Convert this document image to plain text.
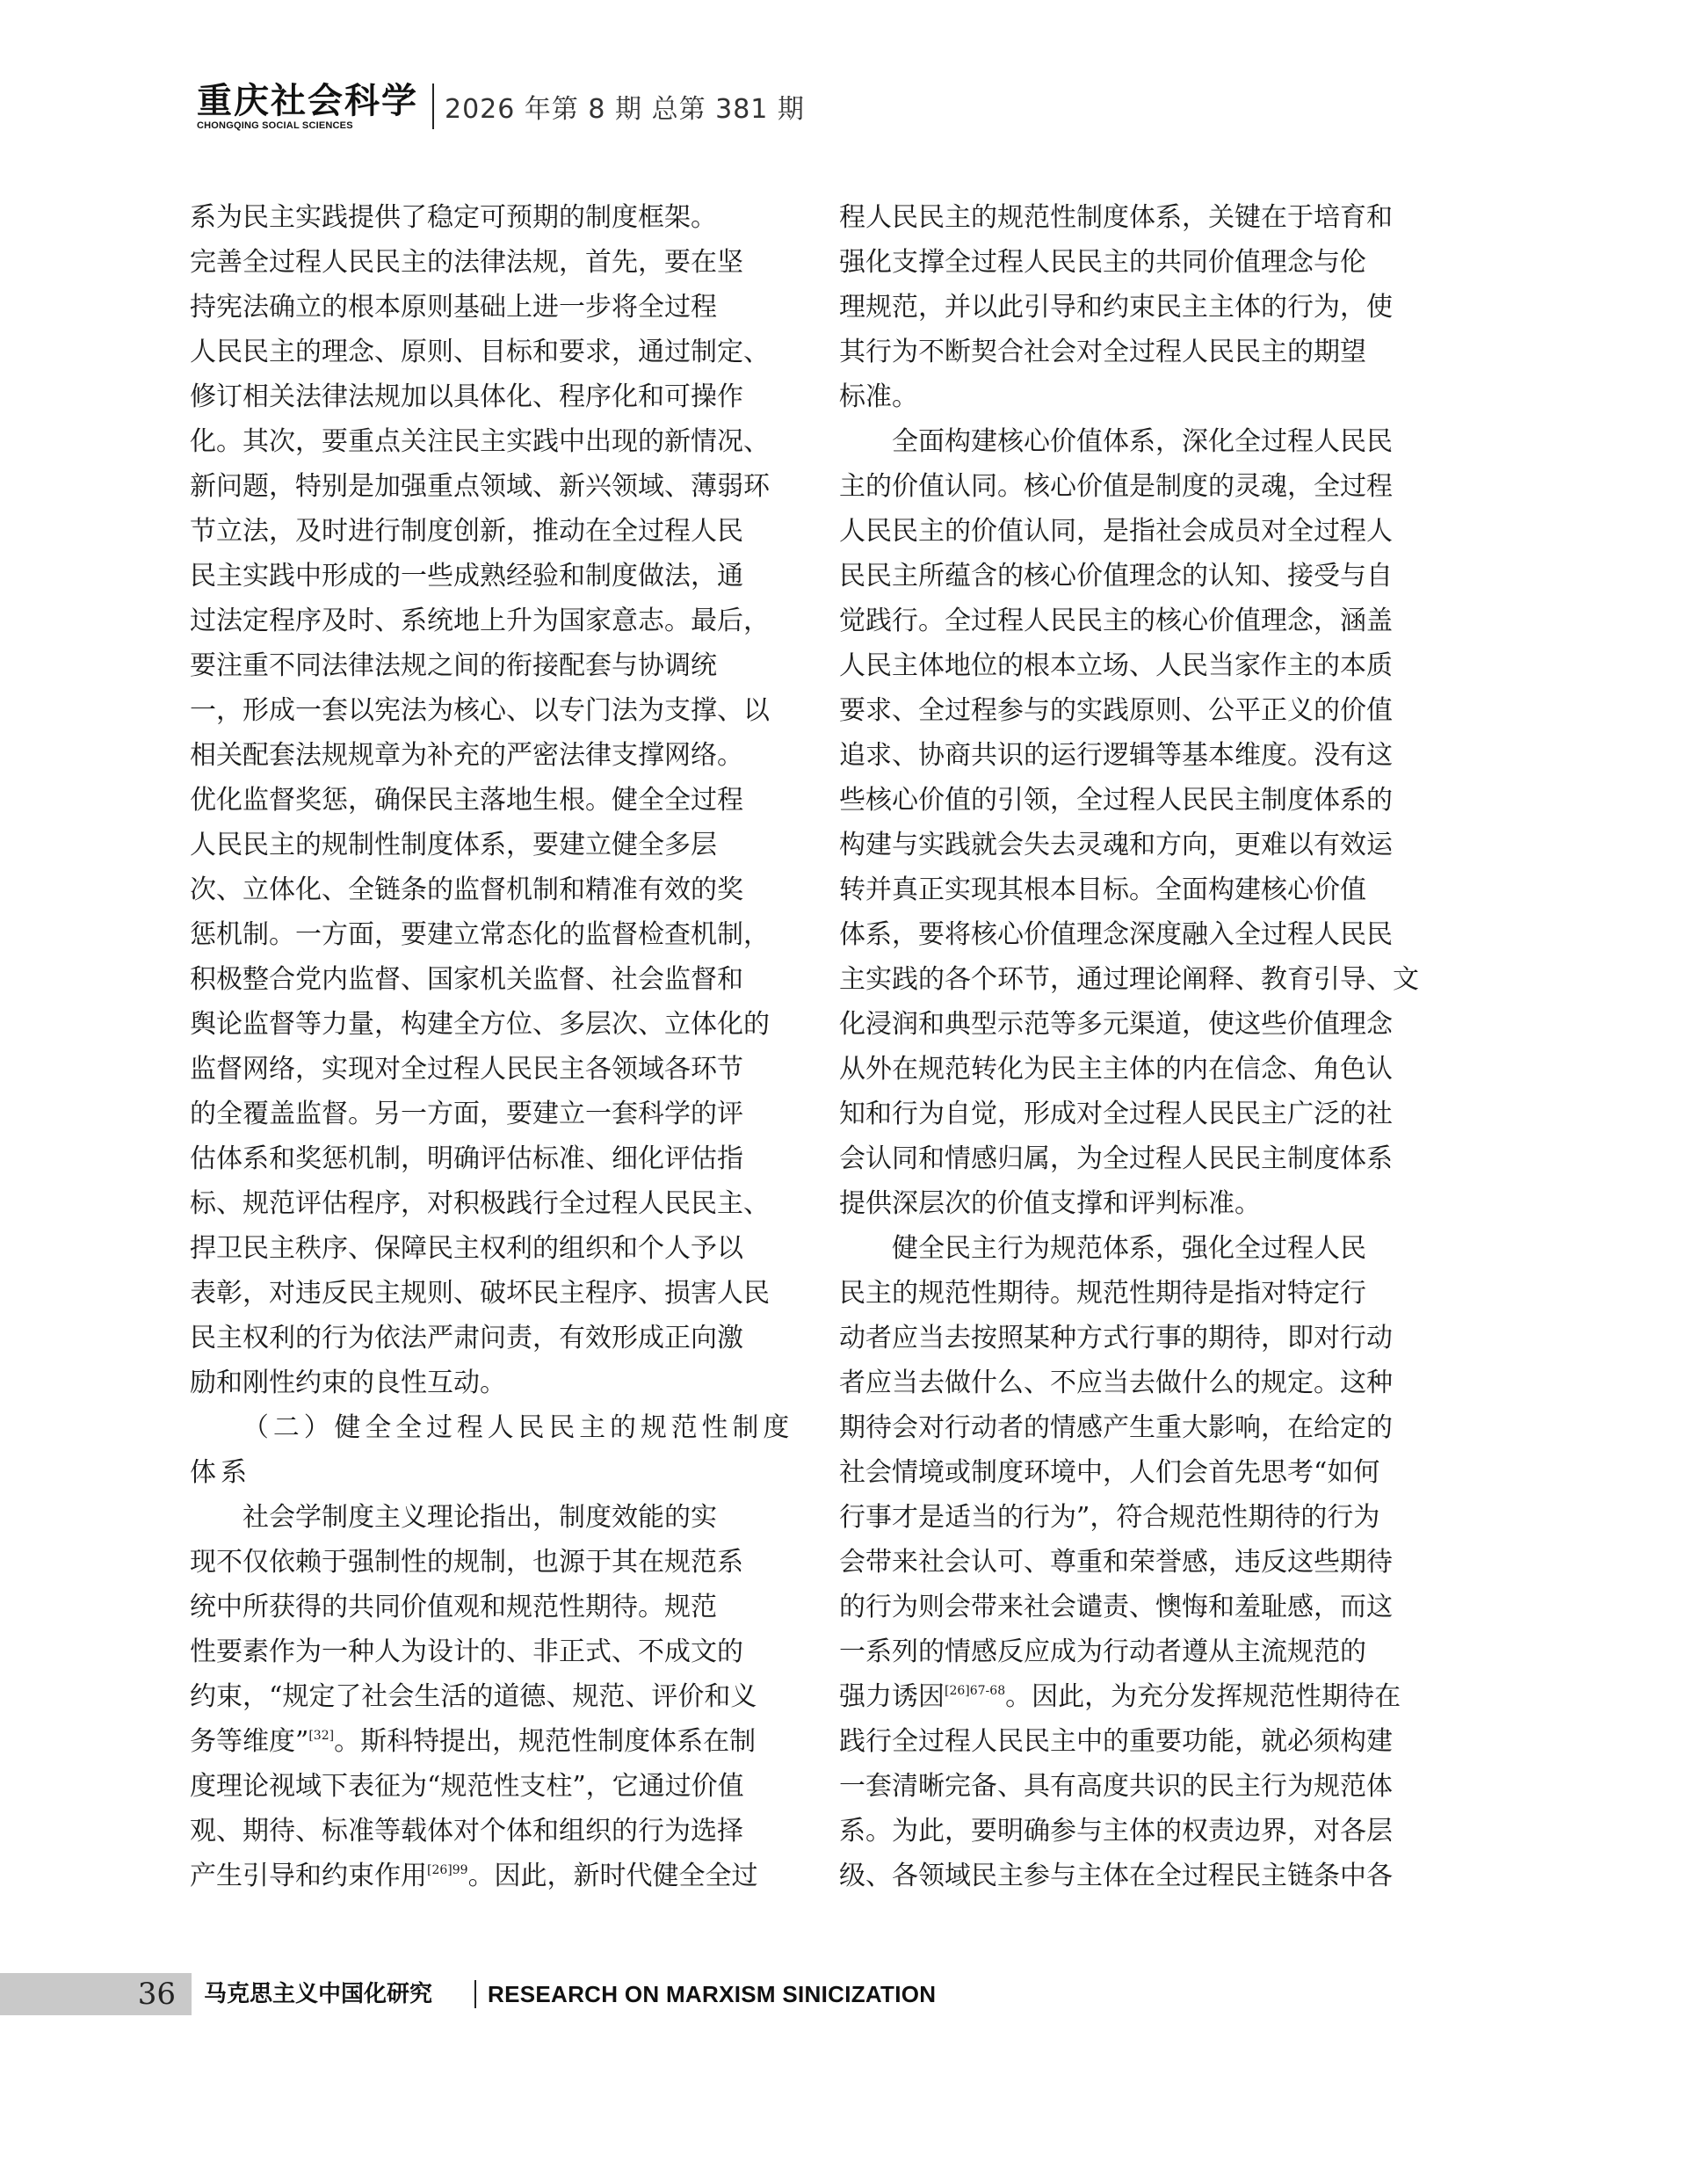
重庆社会科学
CHONGQING SOCIAL SCIENCES
2026 年第 8 期 总第 381 期
系为民主实践提供了稳定可预期的制度框架。
完善全过程人民民主的法律法规，首先，要在坚
持宪法确立的根本原则基础上进一步将全过程
人民民主的理念、原则、目标和要求，通过制定、
修订相关法律法规加以具体化、程序化和可操作
化。其次，要重点关注民主实践中出现的新情况、
新问题，特别是加强重点领域、新兴领域、薄弱环
节立法，及时进行制度创新，推动在全过程人民
民主实践中形成的一些成熟经验和制度做法，通
过法定程序及时、系统地上升为国家意志。最后，
要注重不同法律法规之间的衔接配套与协调统
一，形成一套以宪法为核心、以专门法为支撑、以
相关配套法规规章为补充的严密法律支撑网络。
优化监督奖惩，确保民主落地生根。健全全过程
人民民主的规制性制度体系，要建立健全多层
次、立体化、全链条的监督机制和精准有效的奖
惩机制。一方面，要建立常态化的监督检查机制，
积极整合党内监督、国家机关监督、社会监督和
舆论监督等力量，构建全方位、多层次、立体化的
监督网络，实现对全过程人民民主各领域各环节
的全覆盖监督。另一方面，要建立一套科学的评
估体系和奖惩机制，明确评估标准、细化评估指
标、规范评估程序，对积极践行全过程人民民主、
捍卫民主秩序、保障民主权利的组织和个人予以
表彰，对违反民主规则、破坏民主程序、损害人民
民主权利的行为依法严肃问责，有效形成正向激
励和刚性约束的良性互动。
（二）健全全过程人民民主的规范性制度
体系
社会学制度主义理论指出，制度效能的实
现不仅依赖于强制性的规制，也源于其在规范系
统中所获得的共同价值观和规范性期待。规范
性要素作为一种人为设计的、非正式、不成文的
约束，“规定了社会生活的道德、规范、评价和义
务等维度”[32]。斯科特提出，规范性制度体系在制
度理论视域下表征为“规范性支柱”，它通过价值
观、期待、标准等载体对个体和组织的行为选择
产生引导和约束作用$^{[26]99}$。因此，新时代健全全过
程人民民主的规范性制度体系，关键在于培育和
强化支撑全过程人民民主的共同价值理念与伦
理规范，并以此引导和约束民主主体的行为，使
其行为不断契合社会对全过程人民民主的期望
标准。
全面构建核心价值体系，深化全过程人民民
主的价值认同。核心价值是制度的灵魂，全过程
人民民主的价值认同，是指社会成员对全过程人
民民主所蕴含的核心价值理念的认知、接受与自
觉践行。全过程人民民主的核心价值理念，涵盖
人民主体地位的根本立场、人民当家作主的本质
要求、全过程参与的实践原则、公平正义的价值
追求、协商共识的运行逻辑等基本维度。没有这
些核心价值的引领，全过程人民民主制度体系的
构建与实践就会失去灵魂和方向，更难以有效运
转并真正实现其根本目标。全面构建核心价值
体系，要将核心价值理念深度融入全过程人民民
主实践的各个环节，通过理论阐释、教育引导、文
化浸润和典型示范等多元渠道，使这些价值理念
从外在规范转化为民主主体的内在信念、角色认
知和行为自觉，形成对全过程人民民主广泛的社
会认同和情感归属，为全过程人民民主制度体系
提供深层次的价值支撑和评判标准。
健全民主行为规范体系，强化全过程人民
民主的规范性期待。规范性期待是指对特定行
动者应当去按照某种方式行事的期待，即对行动
者应当去做什么、不应当去做什么的规定。这种
期待会对行动者的情感产生重大影响，在给定的
社会情境或制度环境中，人们会首先思考“如何
行事才是适当的行为”，符合规范性期待的行为
会带来社会认可、尊重和荣誉感，违反这些期待
的行为则会带来社会谴责、懊悔和羞耻感，而这
一系列的情感反应成为行动者遵从主流规范的
强力诱因$^{[26]67-68}$。因此，为充分发挥规范性期待在
践行全过程人民民主中的重要功能，就必须构建
一套清晰完备、具有高度共识的民主行为规范体
系。为此，要明确参与主体的权责边界，对各层
级、各领域民主参与主体在全过程民主链条中各
36 马克思主义中国化研究 RESEARCH ON MARXISM SINICIZATION
